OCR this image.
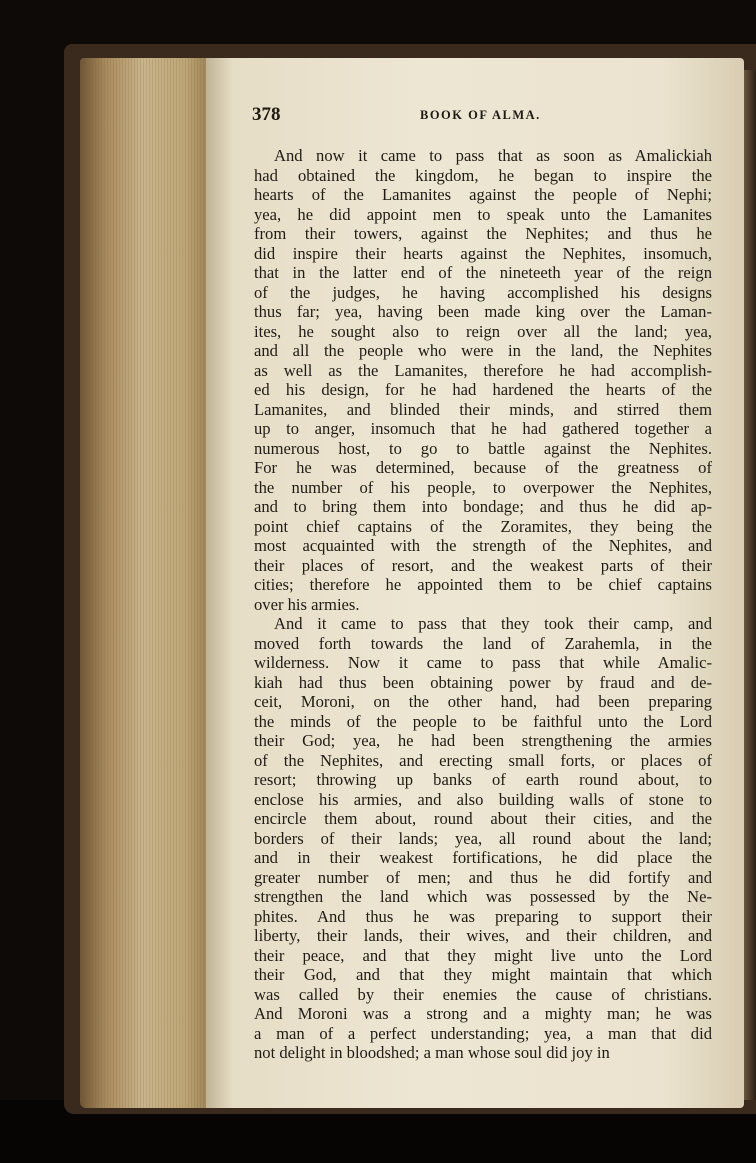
378	BOOK OF ALMA.
And now it came to pass that as soon as Amalickiah
had obtained the kingdom, he began to inspire the
hearts of the Lamanites against the people of Nephi;
yea, he did appoint men to speak unto the Lamanites
from their towers, against the Nephites; and thus he
did inspire their hearts against the Nephites, insomuch,
that in the latter end of the nineteeth year of the reign
of the judges, he having accomplished his designs
thus far; yea, having been made king over the Laman-
ites, he sought also to reign over all the land; yea,
and all the people who were in the land, the Nephites
as well as the Lamanites, therefore he had accomplish-
ed his design, for he had hardened the hearts of the
Lamanites, and blinded their minds, and stirred them
up to anger, insomuch that he had gathered together a
numerous host, to go to battle against the Nephites.
For he was determined, because of the greatness of
the number of his people, to overpower the Nephites,
and to bring them into bondage; and thus he did ap-
point chief captains of the Zoramites, they being the
most acquainted with the strength of the Nephites, and
their places of resort, and the weakest parts of their
cities; therefore he appointed them to be chief captains
over his armies.
And it came to pass that they took their camp, and
moved forth towards the land of Zarahemla, in the
wilderness. Now it came to pass that while Amalic-
kiah had thus been obtaining power by fraud and de-
ceit, Moroni, on the other hand, had been preparing
the minds of the people to be faithful unto the Lord
their God; yea, he had been strengthening the armies
of the Nephites, and erecting small forts, or places of
resort; throwing up banks of earth round about, to
enclose his armies, and also building walls of stone to
encircle them about, round about their cities, and the
borders of their lands; yea, all round about the land;
and in their weakest fortifications, he did place the
greater number of men; and thus he did fortify and
strengthen the land which was possessed by the Ne-
phites. And thus he was preparing to support their
liberty, their lands, their wives, and their children, and
their peace, and that they might live unto the Lord
their God, and that they might maintain that which
was called by their enemies the cause of christians.
And Moroni was a strong and a mighty man; he was
a man of a perfect understanding; yea, a man that did
not delight in bloodshed; a man whose soul did joy in
